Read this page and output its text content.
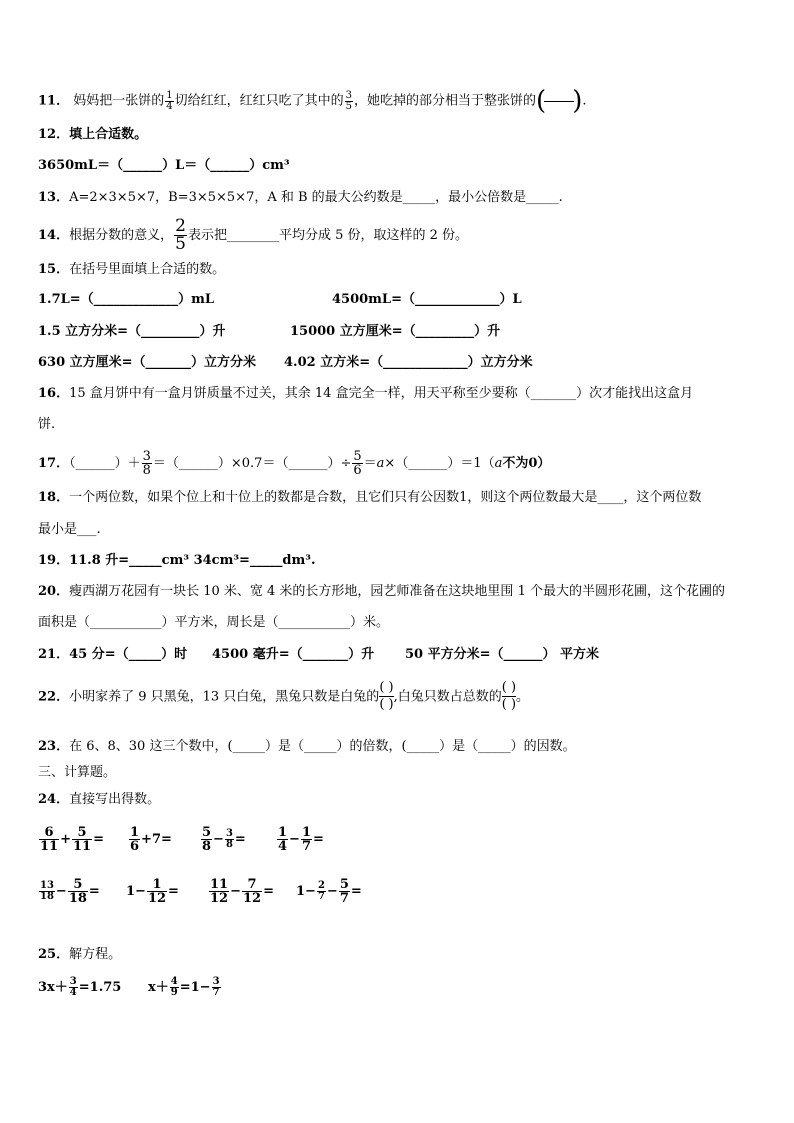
11． 妈妈把一张饼的 $\frac{1}{4}$ 切给红红，红红只吃了其中的 $\frac{3}{5}$ ，她吃掉的部分相当于整张饼的( ).
12．填上合适数。
3650mL＝（______）L＝（______）cm³
13．A=2×3×5×7，B=3×5×5×7，A 和 B 的最大公约数是_____，最小公倍数是_____.
14．根据分数的意义， $\frac{2}{5}$ 表示把________平均分成 5 份，取这样的 2 份。
15．在括号里面填上合适的数。
1.7L=（_____________）mL	4500mL=（_____________）L
1.5 立方分米=（_________）升	15000 立方厘米=（_________）升
630 立方厘米=（_______）立方分米 4.02 立方米=（_____________）立方分米
16．15 盒月饼中有一盒月饼质量不过关，其余 14 盒完全一样，用天平称至少要称（_______）次才能找出这盒月
饼.
17．（______）＋ $\frac{3}{8}$ ＝（______）×0.7＝（______）÷ $\frac{5}{6}$ ＝a×（______）＝1（a不为0）
18．一个两位数，如果个位上和十位上的数都是合数，且它们只有公因数1，则这个两位数最大是____，这个两位数
最小是___.
19．11.8 升=_____cm³ 34cm³=_____dm³.
20．瘦西湖万花园有一块长 10 米、宽 4 米的长方形地，园艺师准备在这块地里围 1 个最大的半圆形花圃，这个花圃的
面积是（___________）平方米，周长是（___________）米。
21．45 分=（_____）时 4500 毫升=（_______）升 50 平方分米=（______） 平方米
22．小明家养了 9 只黑兔，13 只白兔，黑兔只数是白兔的
( )
( )
,白兔只数占总数的
( )
( )
。
23．在 6、8、30 这三个数中，(_____）是（_____）的倍数，(_____）是（_____）的因数。
三、计算题。
24．直接写出得数。
$\frac{6}{11} + \frac{5}{11} = \frac{1}{6} +7= \frac{5}{8} - \frac{3}{8} = \frac{1}{4} - \frac{1}{7}$ =
$\frac{13}{18} - \frac{5}{18} = 1- \frac{1}{12} = \frac{11}{12} - \frac{7}{12} = 1- \frac{2}{7} - \frac{5}{7}$ =
25．解方程。
$3x+ \frac{3}{4} =1.75$ $x+ \frac{4}{9} =1- \frac{3}{7}$
